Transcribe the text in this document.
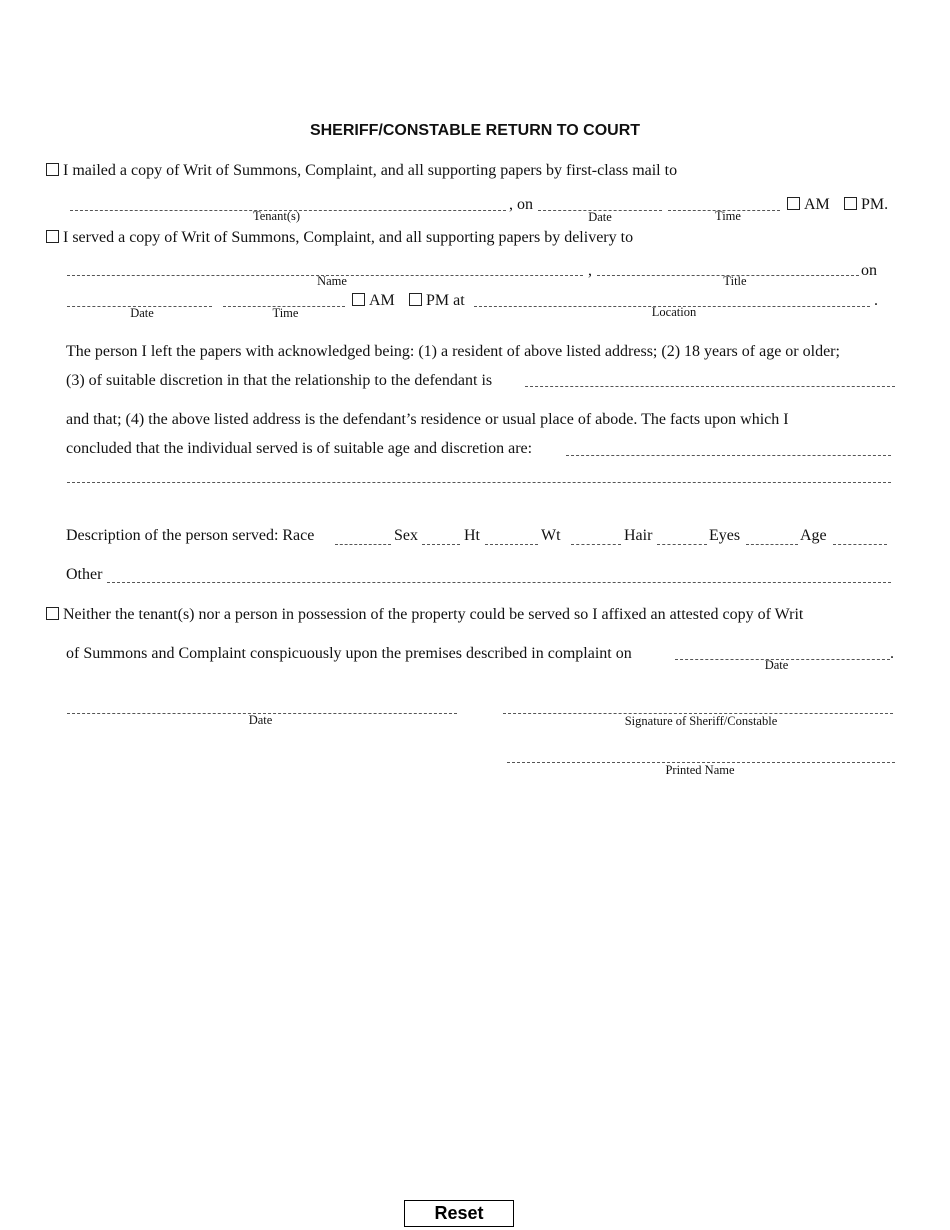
SHERIFF/CONSTABLE RETURN TO COURT
I mailed a copy of Writ of Summons, Complaint, and all supporting papers by first-class mail to
Tenant(s)
, on
Date	Time
AM	PM.
I served a copy of Writ of Summons, Complaint, and all supporting papers by delivery to
Name
,
Title
on
Date	Time
AM	PM at
Location
.
The person I left the papers with acknowledged being: (1) a resident of above listed address; (2) 18 years of age or older;
(3) of suitable discretion in that the relationship to the defendant is
and that; (4) the above listed address is the defendant’s residence or usual place of abode. The facts upon which I
concluded that the individual served is of suitable age and discretion are:
Description of the person served: Race	Sex	Ht	Wt	Hair	Eyes	Age
Other
Neither the tenant(s) nor a person in possession of the property could be served so I affixed an attested copy of Writ
of Summons and Complaint conspicuously upon the premises described in complaint on
Date
.
Date	Signature of Sheriff/Constable
Printed Name
Reset
